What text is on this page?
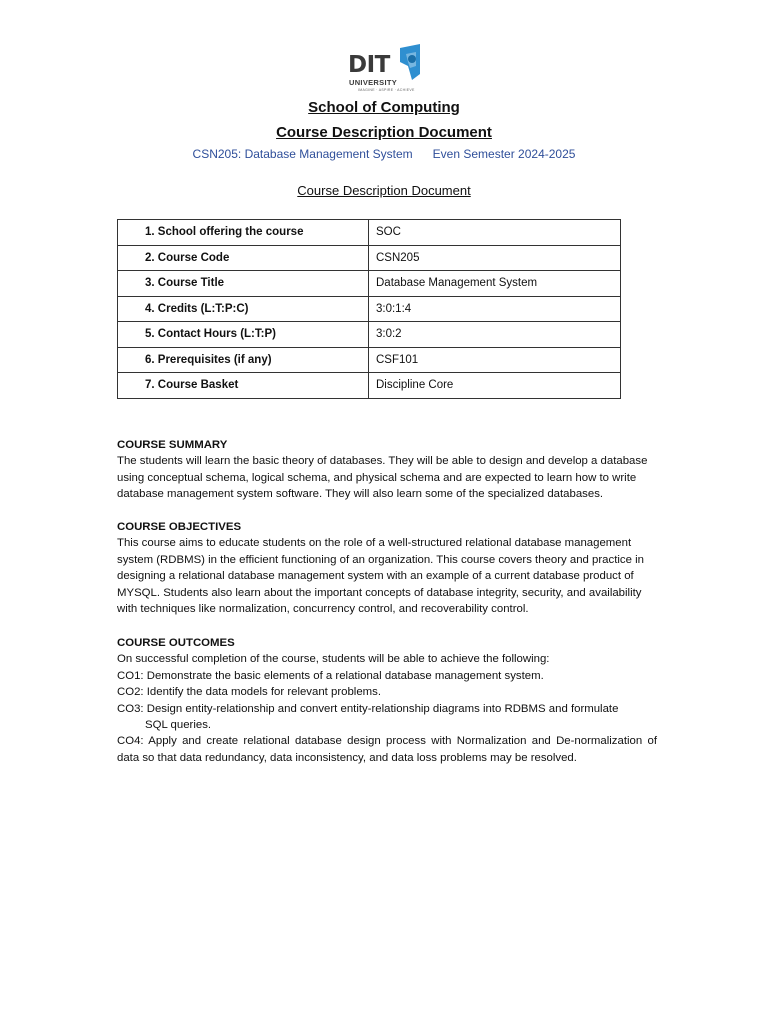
DIT
UNIVERSITY
IMAGINE · ASPIRE · ACHIEVE
School of Computing
Course Description Document
CSN205: Database Management System Even Semester 2024-2025
Course Description Document
1. School offering the course	SOC
2. Course Code	CSN205
3. Course Title	Database Management System
4. Credits (L:T:P:C)	3:0:1:4
5. Contact Hours (L:T:P)	3:0:2
6. Prerequisites (if any)	CSF101
7. Course Basket	Discipline Core
COURSE SUMMARY

The students will learn the basic theory of databases. They will be able to design and develop a database

using conceptual schema, logical schema, and physical schema and are expected to learn how to write

database management system software. They will also learn some of the specialized databases.

COURSE OBJECTIVES

This course aims to educate students on the role of a well-structured relational database management

system (RDBMS) in the efficient functioning of an organization. This course covers theory and practice in

designing a relational database management system with an example of a current database product of

MYSQL. Students also learn about the important concepts of database integrity, security, and availability

with techniques like normalization, concurrency control, and recoverability control.

COURSE OUTCOMES

On successful completion of the course, students will be able to achieve the following:

CO1: Demonstrate the basic elements of a relational database management system.

CO2: Identify the data models for relevant problems.

CO3: Design entity-relationship and convert entity-relationship diagrams into RDBMS and formulate

SQL queries.

CO4: Apply and create relational database design process with Normalization and De-normalization of

data so that data redundancy, data inconsistency, and data loss problems may be resolved.
